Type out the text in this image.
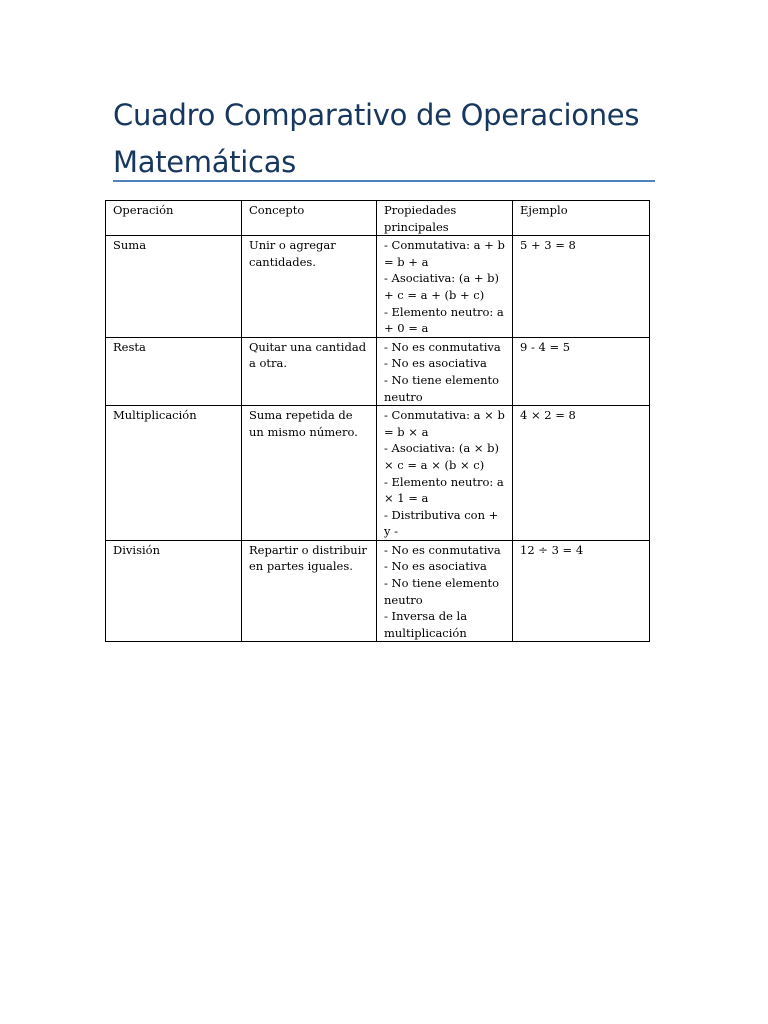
Cuadro Comparativo de Operaciones Matemáticas
Operación	Concepto	Propiedades principales	Ejemplo
Suma	Unir o agregar cantidades.	- Conmutativa: a + b = b + a
- Asociativa: (a + b) + c = a + (b + c)
- Elemento neutro: a + 0 = a	5 + 3 = 8
Resta	Quitar una cantidad a otra.	- No es conmutativa
- No es asociativa
- No tiene elemento neutro	9 - 4 = 5
Multiplicación	Suma repetida de un mismo número.	- Conmutativa: a × b = b × a
- Asociativa: (a × b) × c = a × (b × c)
- Elemento neutro: a × 1 = a
- Distributiva con + y -	4 × 2 = 8
División	Repartir o distribuir en partes iguales.	- No es conmutativa
- No es asociativa
- No tiene elemento neutro
- Inversa de la multiplicación	12 ÷ 3 = 4
